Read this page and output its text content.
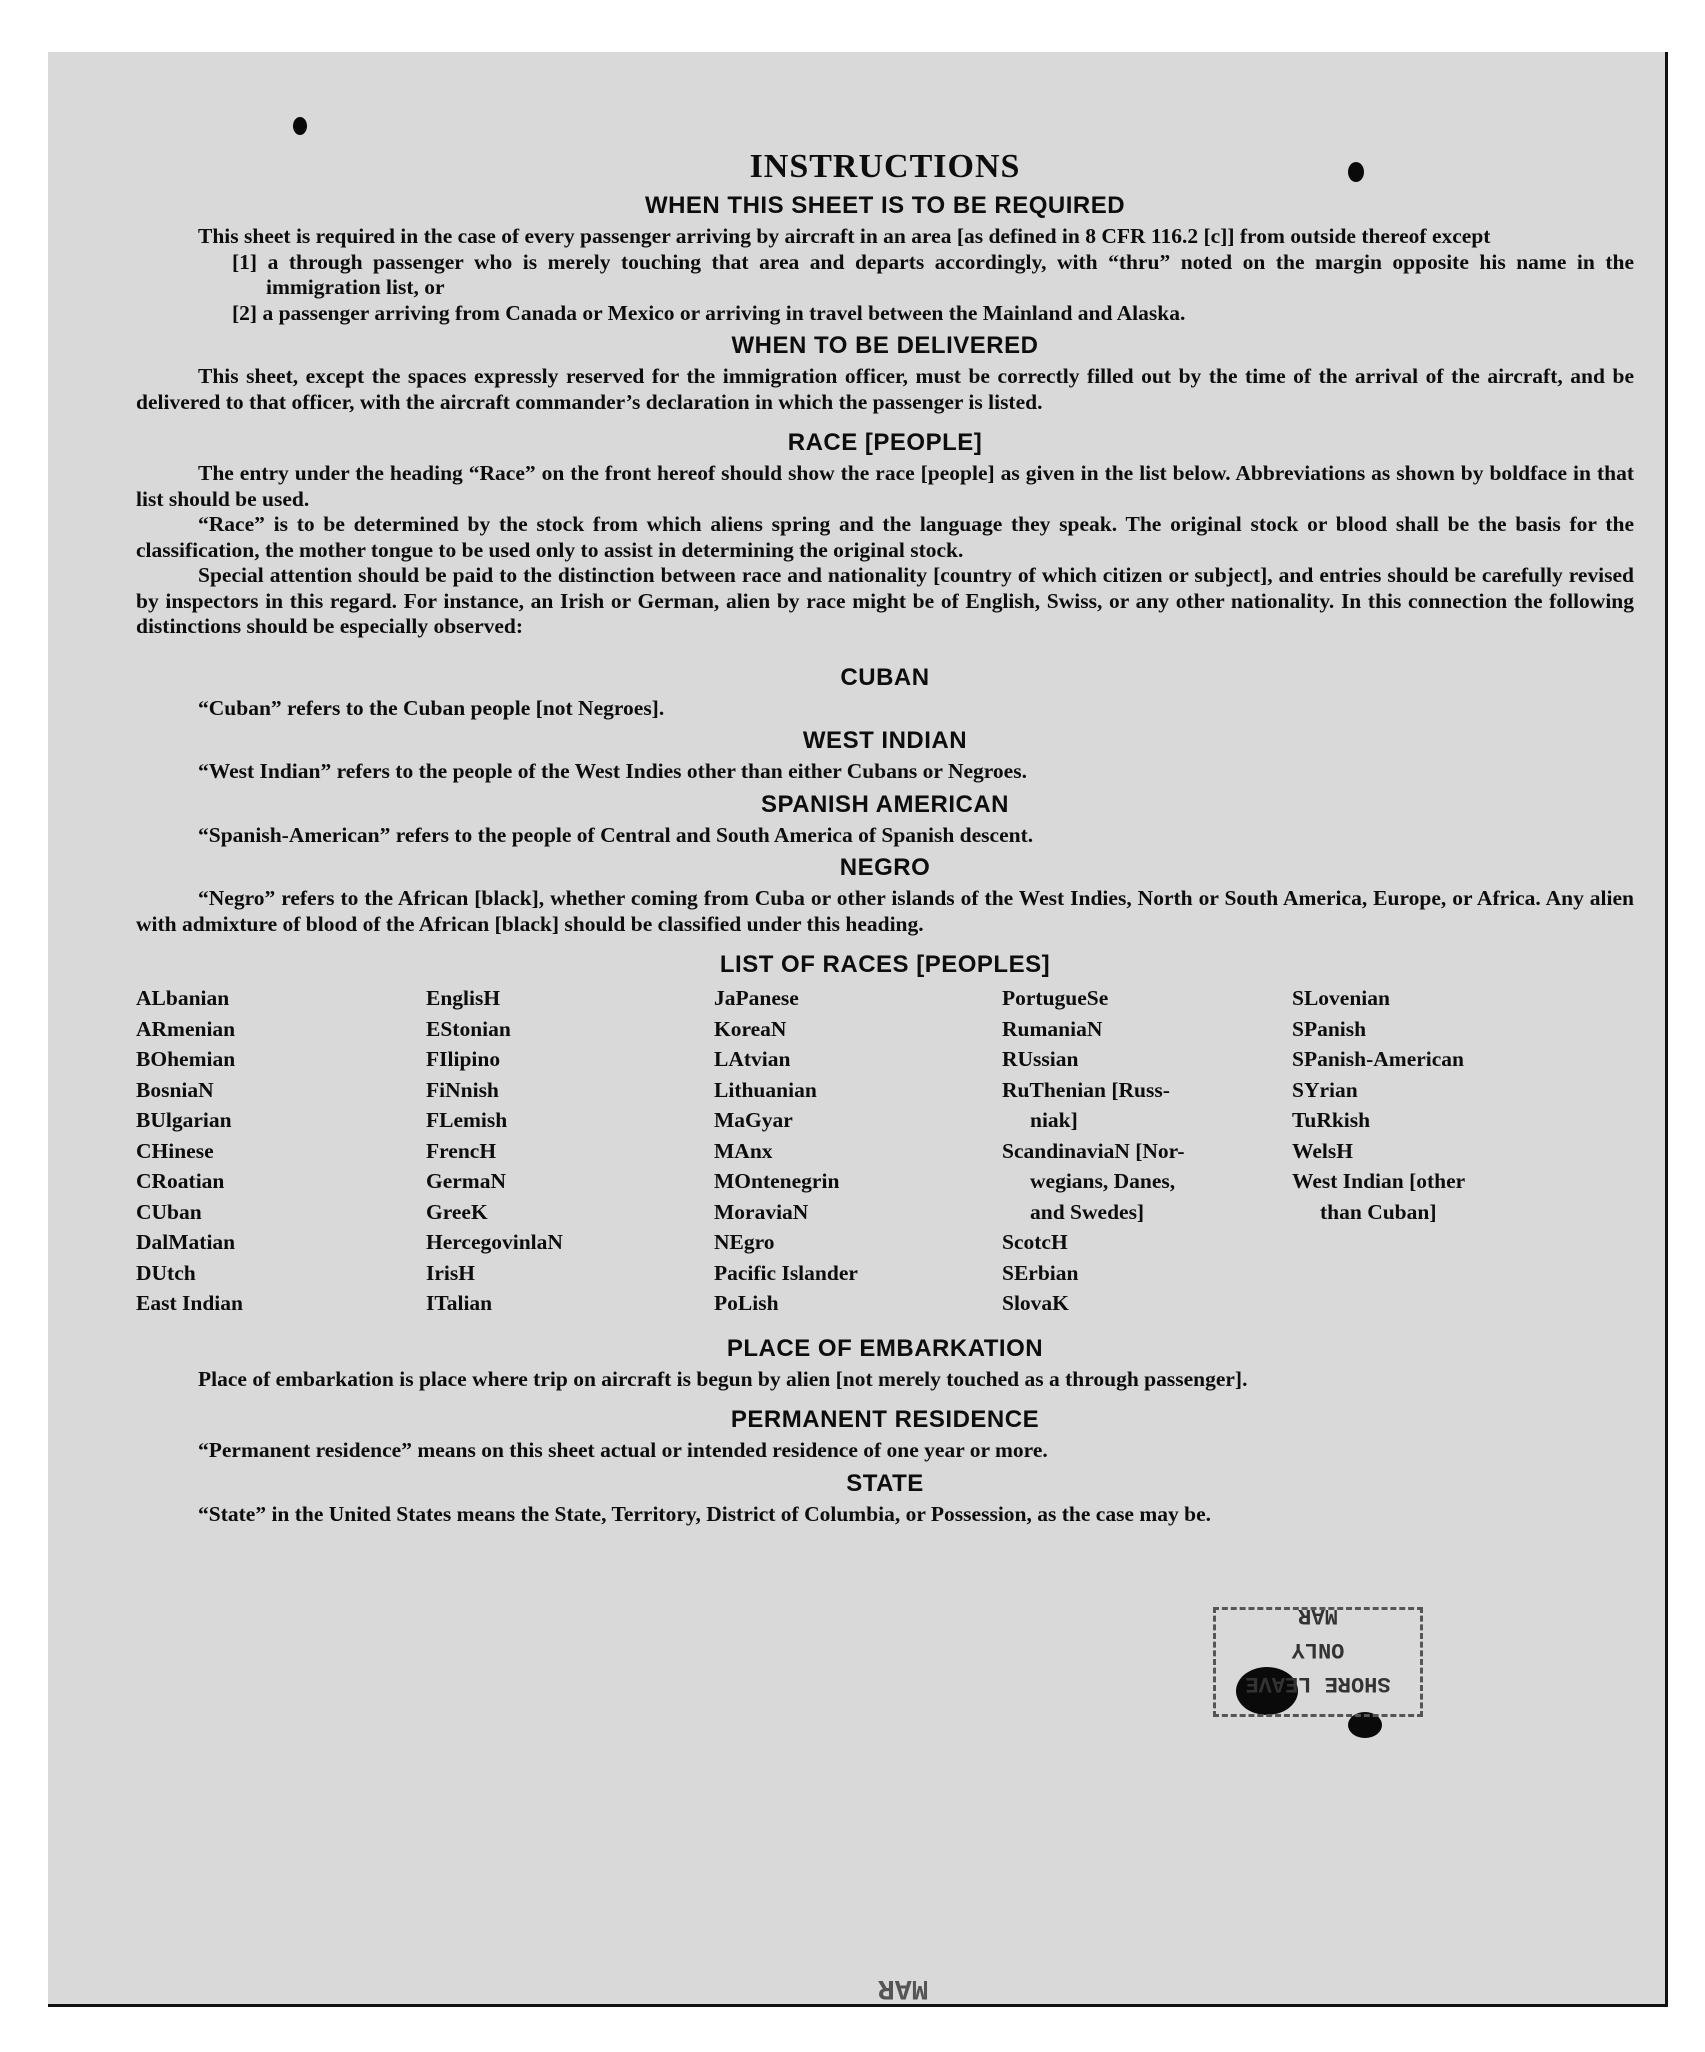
SHORE LEAVE ONLY
MAR
MAR
INSTRUCTIONS
WHEN THIS SHEET IS TO BE REQUIRED

This sheet is required in the case of every passenger arriving by aircraft in an area [as defined in 8 CFR 116.2 [c]] from outside thereof except

[1] a through passenger who is merely touching that area and departs accordingly, with “thru” noted on the margin opposite his name in the immigration list, or

[2] a passenger arriving from Canada or Mexico or arriving in travel between the Mainland and Alaska.

WHEN TO BE DELIVERED

This sheet, except the spaces expressly reserved for the immigration officer, must be correctly filled out by the time of the arrival of the aircraft, and be delivered to that officer, with the aircraft commander’s declaration in which the passenger is listed.

RACE [PEOPLE]

The entry under the heading “Race” on the front hereof should show the race [people] as given in the list below. Abbreviations as shown by boldface in that list should be used.

“Race” is to be determined by the stock from which aliens spring and the language they speak. The original stock or blood shall be the basis for the classification, the mother tongue to be used only to assist in determining the original stock.

Special attention should be paid to the distinction between race and nationality [country of which citizen or subject], and entries should be carefully revised by inspectors in this regard. For instance, an Irish or German, alien by race might be of English, Swiss, or any other nationality. In this connection the following distinctions should be especially observed:

CUBAN

“Cuban” refers to the Cuban people [not Negroes].

WEST INDIAN

“West Indian” refers to the people of the West Indies other than either Cubans or Negroes.

SPANISH AMERICAN

“Spanish-American” refers to the people of Central and South America of Spanish descent.

NEGRO

“Negro” refers to the African [black], whether coming from Cuba or other islands of the West Indies, North or South America, Europe, or Africa. Any alien with admixture of blood of the African [black] should be classified under this heading.

LIST OF RACES [PEOPLES]
ALbanian
ARmenian
BOhemian
BosniaN
BUlgarian
CHinese
CRoatian
CUban
DalMatian
DUtch
East Indian
EnglisH
EStonian
FIlipino
FiNnish
FLemish
FrencH
GermaN
GreeK
HercegovinlaN
IrisH
ITalian
JaPanese
KoreaN
LAtvian
Lithuanian
MaGyar
MAnx
MOntenegrin
MoraviaN
NEgro
Pacific Islander
PoLish
PortugueSe
RumaniaN
RUssian
RuThenian [Russ-
niak]
ScandinaviaN [Nor-
wegians, Danes,
and Swedes]
ScotcH
SErbian
SlovaK
SLovenian
SPanish
SPanish-American
SYrian
TuRkish
WelsH
West Indian [other
than Cuban]
PLACE OF EMBARKATION

Place of embarkation is place where trip on aircraft is begun by alien [not merely touched as a through passenger].

PERMANENT RESIDENCE

“Permanent residence” means on this sheet actual or intended residence of one year or more.

STATE

“State” in the United States means the State, Territory, District of Columbia, or Possession, as the case may be.
